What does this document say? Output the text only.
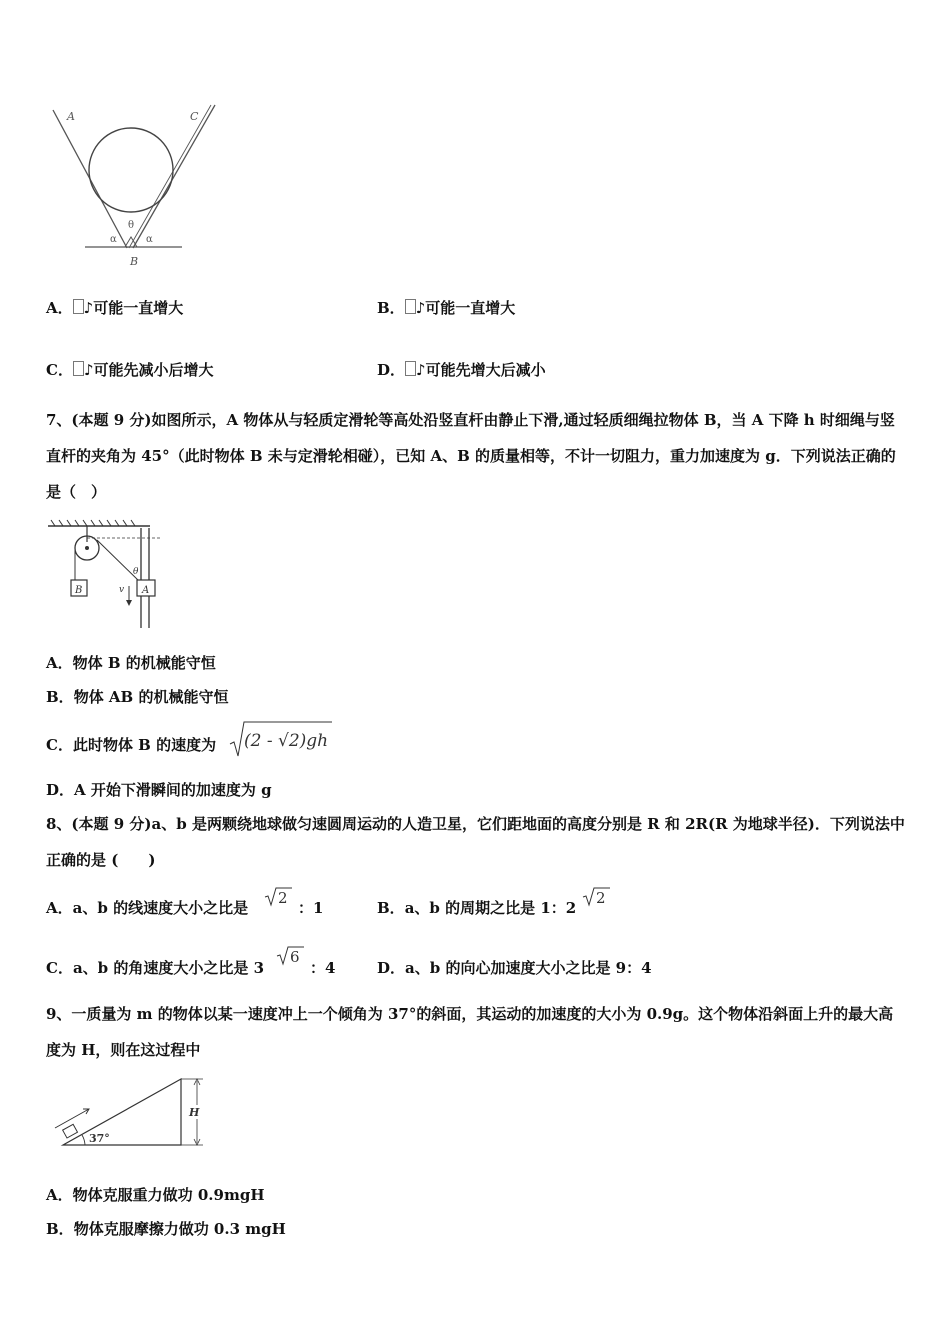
A	C
θ
α	α
B
A． ♪可能一直增大	B． ♪可能一直增大
C． ♪可能先减小后增大	D． ♪可能先增大后减小
7、(本题 9 分)如图所示，A 物体从与轻质定滑轮等高处沿竖直杆由静止下滑,通过轻质细绳拉物体 B，当 A 下降 h 时细绳与竖直杆的夹角为 45°（此时物体 B 未与定滑轮相碰），已知 A、B 的质量相等，不计一切阻力，重力加速度为 g．下列说法正确的是（　）
B	A
θ
v
A．物体 B 的机械能守恒
B．物体 AB 的机械能守恒
C．此时物体 B 的速度为 (2 - √2)gh
D．A 开始下滑瞬间的加速度为 g
8、(本题 9 分)a、b 是两颗绕地球做匀速圆周运动的人造卫星，它们距地面的高度分别是 R 和 2R(R 为地球半径)．下列说法中正确的是 (　　)
A．a、b 的线速度大小之比是
2
：1	B．a、b 的周期之比是 1：2
2
C．a、b 的角速度大小之比是 3
6
：4	D．a、b 的向心加速度大小之比是 9：4
9、一质量为 m 的物体以某一速度冲上一个倾角为 37°的斜面，其运动的加速度的大小为 0.9g。这个物体沿斜面上升的最大高度为 H，则在这过程中
H
37°
A．物体克服重力做功 0.9mgH
B．物体克服摩擦力做功 0.3 mgH
